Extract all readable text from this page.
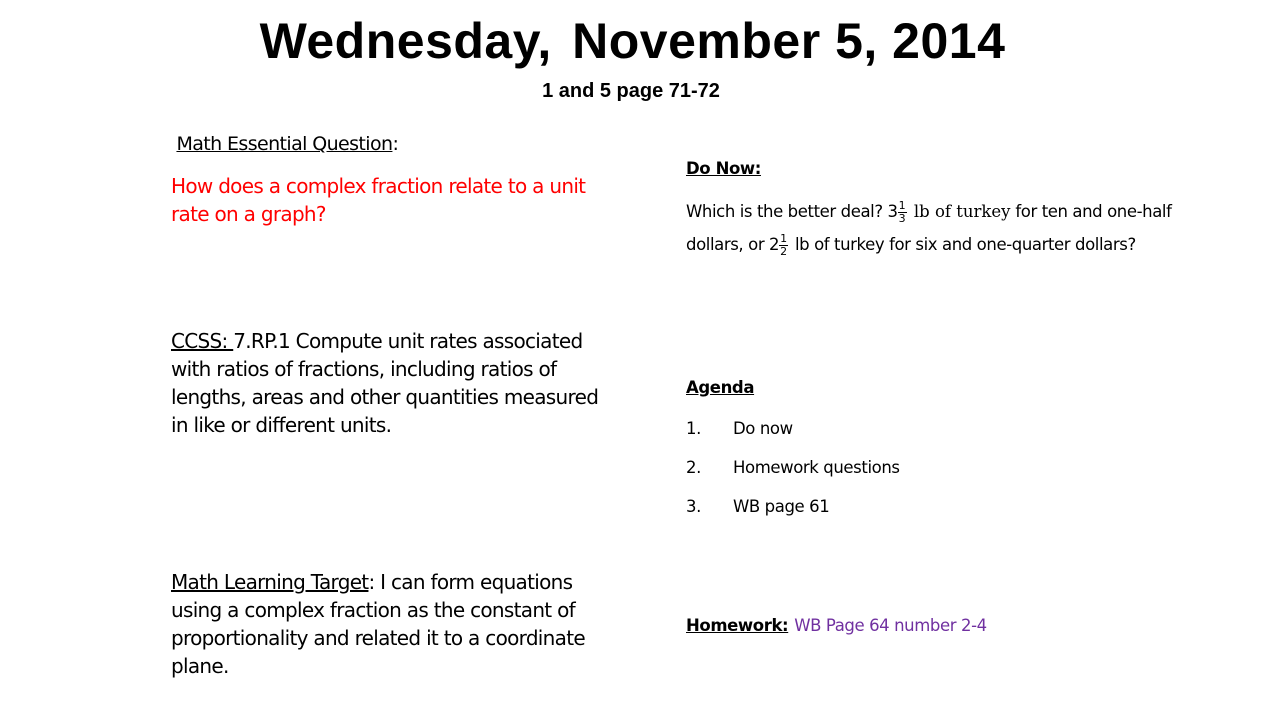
Wednesday, November 5, 2014
1 and 5 page 71-72
Math Essential Question:
How does a complex fraction relate to a unit rate on a graph?
CCSS: 7.RP.1 Compute unit rates associated with ratios of fractions, including ratios of lengths, areas and other quantities measured in like or different units.
Math Learning Target: I can form equations using a complex fraction as the constant of proportionality and related it to a coordinate plane.
Do Now:
Which is the better deal? $3 \frac{1}{3}$ lb of turkey for ten and one-half dollars, or $2 \frac{1}{2}$ lb of turkey for six and one-quarter dollars?
Agenda
1. Do now
2. Homework questions
3. WB page 61
Homework: WB Page 64 number 2-4
